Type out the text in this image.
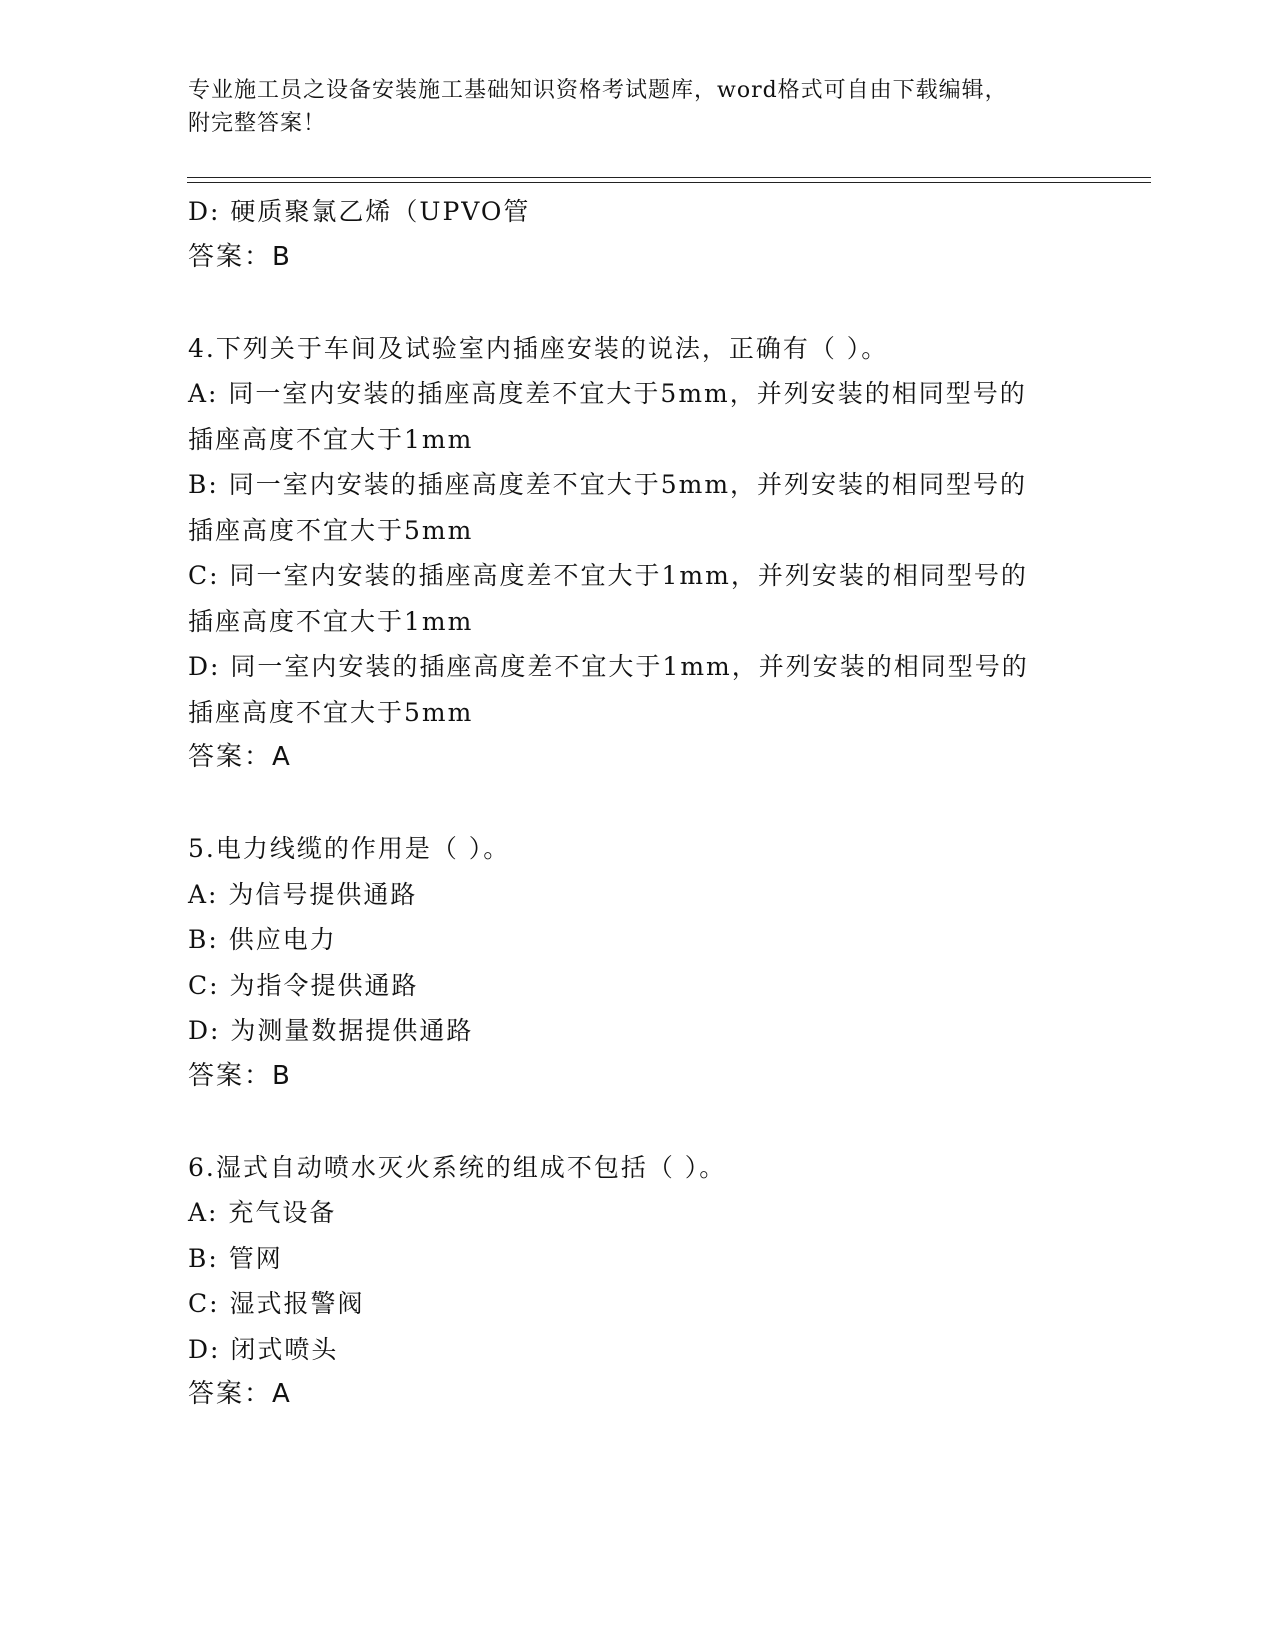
专业施工员之设备安装施工基础知识资格考试题库，word格式可自由下载编辑，
附完整答案！
D: 硬质聚氯乙烯（UPVO管
答案：B
4.下列关于车间及试验室内插座安装的说法，正确有（ ）。
A: 同一室内安装的插座高度差不宜大于5mm，并列安装的相同型号的
插座高度不宜大于1mm
B: 同一室内安装的插座高度差不宜大于5mm，并列安装的相同型号的
插座高度不宜大于5mm
C: 同一室内安装的插座高度差不宜大于1mm，并列安装的相同型号的
插座高度不宜大于1mm
D: 同一室内安装的插座高度差不宜大于1mm，并列安装的相同型号的
插座高度不宜大于5mm
答案：A
5.电力线缆的作用是（ ）。
A: 为信号提供通路
B: 供应电力
C: 为指令提供通路
D: 为测量数据提供通路
答案：B
6.湿式自动喷水灭火系统的组成不包括（ ）。
A: 充气设备
B: 管网
C: 湿式报警阀
D: 闭式喷头
答案：A
